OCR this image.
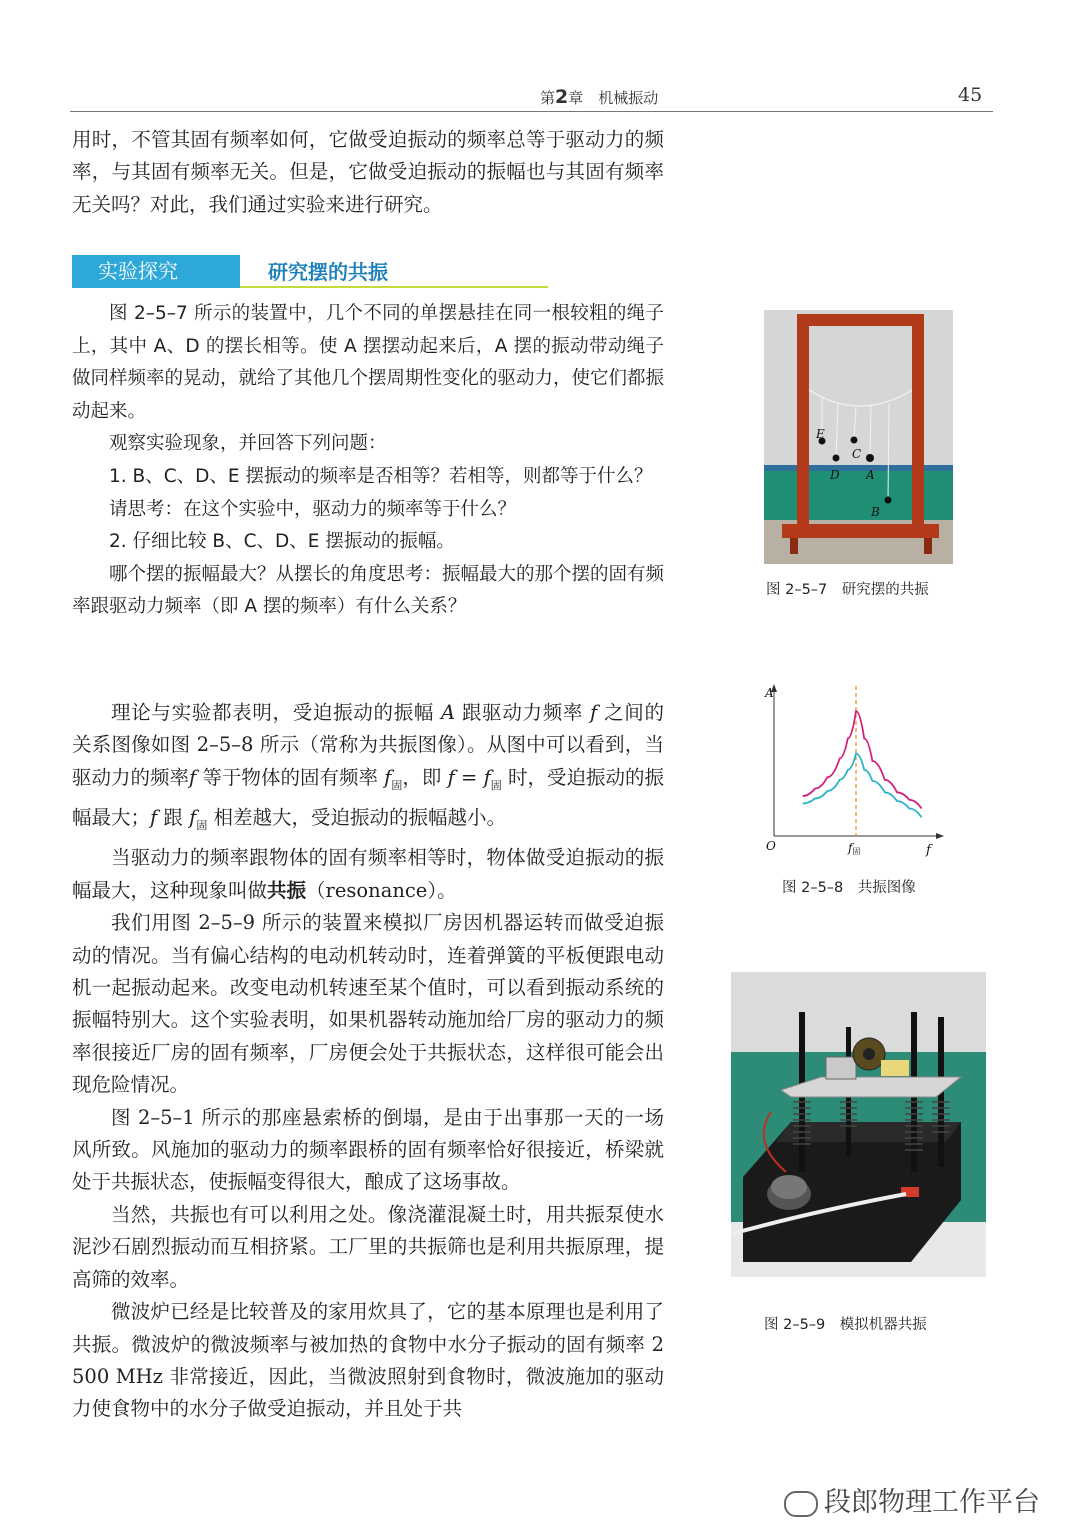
第2章　 机械振动	45

用时，不管其固有频率如何，它做受迫振动的频率总等于驱动力的频率，与其固有频率无关。但是，它做受迫振动的振幅也与其固有频率无关吗？对此，我们通过实验来进行研究。

实验探究	研究摆的共振

图 2–5–7 所示的装置中，几个不同的单摆悬挂在同一根较粗的绳子上，其中 A、D 的摆长相等。使 A 摆摆动起来后，A 摆的振动带动绳子做同样频率的晃动，就给了其他几个摆周期性变化的驱动力，使它们都振动起来。

观察实验现象，并回答下列问题：

1. B、C、D、E 摆振动的频率是否相等？若相等，则都等于什么？

请思考：在这个实验中，驱动力的频率等于什么？

2. 仔细比较 B、C、D、E 摆振动的振幅。

哪个摆的振幅最大？从摆长的角度思考：振幅最大的那个摆的固有频率跟驱动力频率（即 A 摆的频率）有什么关系？

理论与实验都表明，受迫振动的振幅 A 跟驱动力频率 f 之间的关系图像如图 2–5–8 所示（常称为共振图像）。从图中可以看到，当驱动力的频率f 等于物体的固有频率 $f_固$，即 $f = f_固$ 时，受迫振动的振幅最大；f 跟 $f_固$ 相差越大，受迫振动的振幅越小。

当驱动力的频率跟物体的固有频率相等时，物体做受迫振动的振幅最大，这种现象叫做共振（resonance）。

我们用图 2–5–9 所示的装置来模拟厂房因机器运转而做受迫振动的情况。当有偏心结构的电动机转动时，连着弹簧的平板便跟电动机一起振动起来。改变电动机转速至某个值时，可以看到振动系统的振幅特别大。这个实验表明，如果机器转动施加给厂房的驱动力的频率很接近厂房的固有频率，厂房便会处于共振状态，这样很可能会出现危险情况。

图 2–5–1 所示的那座悬索桥的倒塌，是由于出事那一天的一场风所致。风施加的驱动力的频率跟桥的固有频率恰好很接近，桥梁就处于共振状态，使振幅变得很大，酿成了这场事故。

当然，共振也有可以利用之处。像浇灌混凝土时，用共振泵使水泥沙石剧烈振动而互相挤紧。工厂里的共振筛也是利用共振原理，提高筛的效率。

微波炉已经是比较普及的家用炊具了，它的基本原理也是利用了共振。微波炉的微波频率与被加热的食物中水分子振动的固有频率 2 500 MHz 非常接近，因此，当微波照射到食物时，微波施加的驱动力使食物中的水分子做受迫振动，并且处于共

E
C
D A
B
图 2–5–7　研究摆的共振
A
O	f
f固
图 2–5–8　共振图像
图 2–5–9　模拟机器共振
段郎物理工作平台
